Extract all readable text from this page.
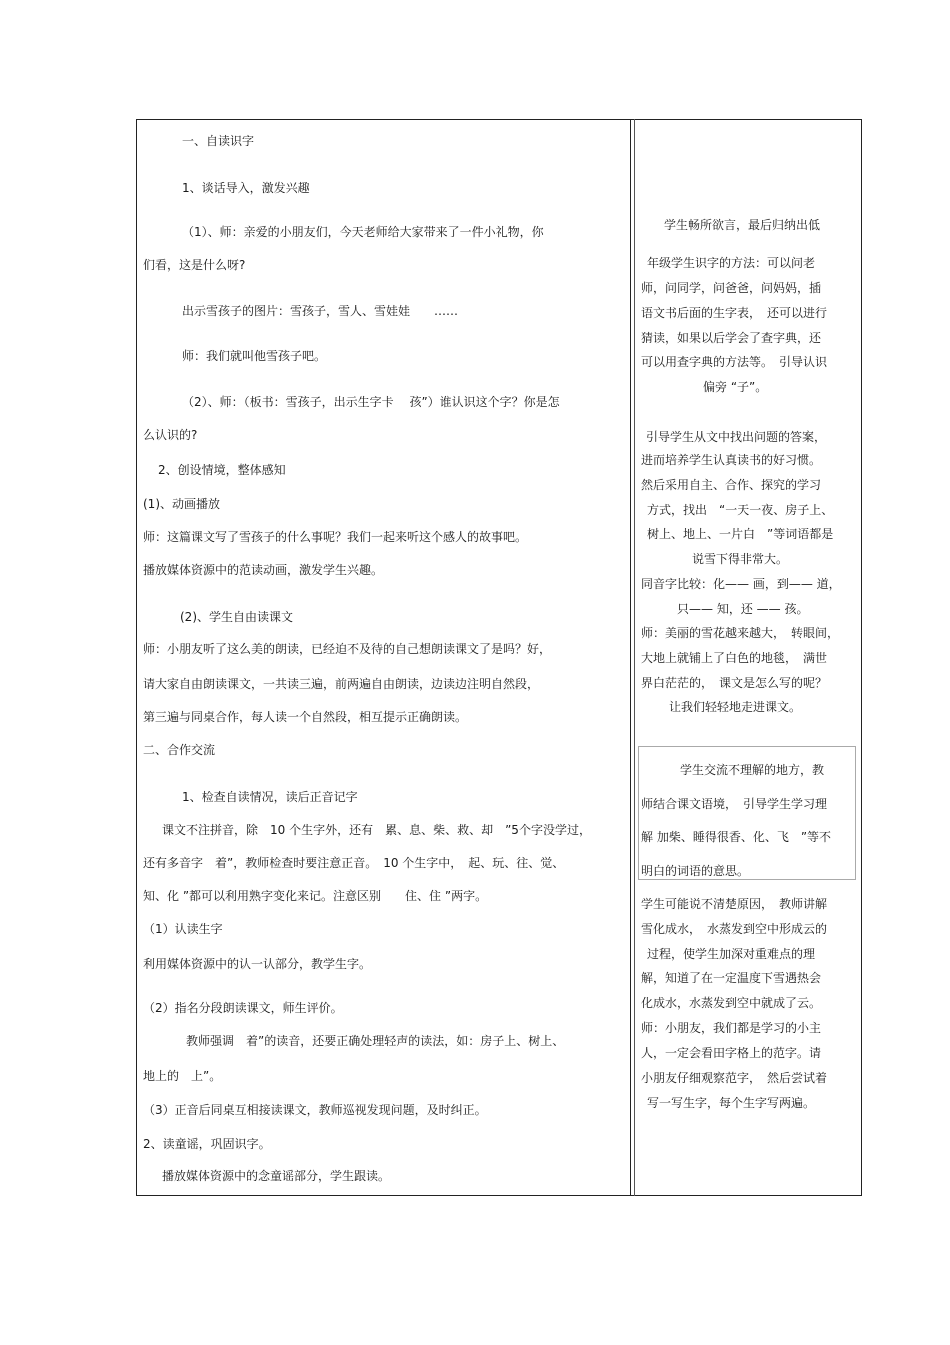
一、自读识字
1、谈话导入，激发兴趣
（1）、师：亲爱的小朋友们，今天老师给大家带来了一件小礼物，你
们看，这是什么呀?
出示雪孩子的图片：雪孩子，雪人、雪娃娃　　……
师：我们就叫他雪孩子吧。
（2）、师：（板书：雪孩子，出示生字卡　 孩”）谁认识这个字？你是怎
么认识的?
2、创设情境，整体感知
(1)、动画播放
师：这篇课文写了雪孩子的什么事呢？我们一起来听这个感人的故事吧。
播放媒体资源中的范读动画，激发学生兴趣。
(2)、学生自由读课文
师：小朋友听了这么美的朗读，已经迫不及待的自己想朗读课文了是吗？好，
请大家自由朗读课文，一共读三遍，前两遍自由朗读，边读边注明自然段，
第三遍与同桌合作，每人读一个自然段，相互提示正确朗读。
二、合作交流
1、检查自读情况，读后正音记字
课文不注拼音，除　10 个生字外，还有　累、息、柴、救、却　”5个字没学过，
还有多音字　着”，教师检查时要注意正音。　10 个生字中，　起、玩、往、觉、
知、化 ”都可以利用熟字变化来记。注意区别　　住、住 ”两字。
（1）认读生字
利用媒体资源中的认一认部分，教学生字。
（2）指名分段朗读课文，师生评价。
教师强调　着”的读音，还要正确处理轻声的读法，如：房子上、树上、
地上的　上”。
（3）正音后同桌互相接读课文，教师巡视发现问题，及时纠正。
2、读童谣，巩固识字。
播放媒体资源中的念童谣部分，学生跟读。
学生畅所欲言，最后归纳出低
年级学生识字的方法：可以问老
师，问同学，问爸爸，问妈妈，插
语文书后面的生字表，　还可以进行
猜读，如果以后学会了查字典，还
可以用查字典的方法等。　引导认识
偏旁 “子”。
引导学生从文中找出问题的答案，
进而培养学生认真读书的好习惯。
然后采用自主、合作、探究的学习
方式，找出　“一天一夜、房子上、
树上、地上、一片白　”等词语都是
说雪下得非常大。
同音字比较：化—— 画，到—— 道，
只—— 知，还 —— 孩。
师：美丽的雪花越来越大，　转眼间，
大地上就铺上了白色的地毯，　满世
界白茫茫的，　课文是怎么写的呢？
让我们轻轻地走进课文。
学生交流不理解的地方，教
师结合课文语境，　引导学生学习理
解 加柴、睡得很香、化、飞　”等不
明白的词语的意思。
学生可能说不清楚原因，　教师讲解
雪化成水，　水蒸发到空中形成云的
过程，使学生加深对重难点的理
解，知道了在一定温度下雪遇热会
化成水，水蒸发到空中就成了云。
师：小朋友，我们都是学习的小主
人，一定会看田字格上的范字。请
小朋友仔细观察范字，　然后尝试着
写一写生字，每个生字写两遍。
